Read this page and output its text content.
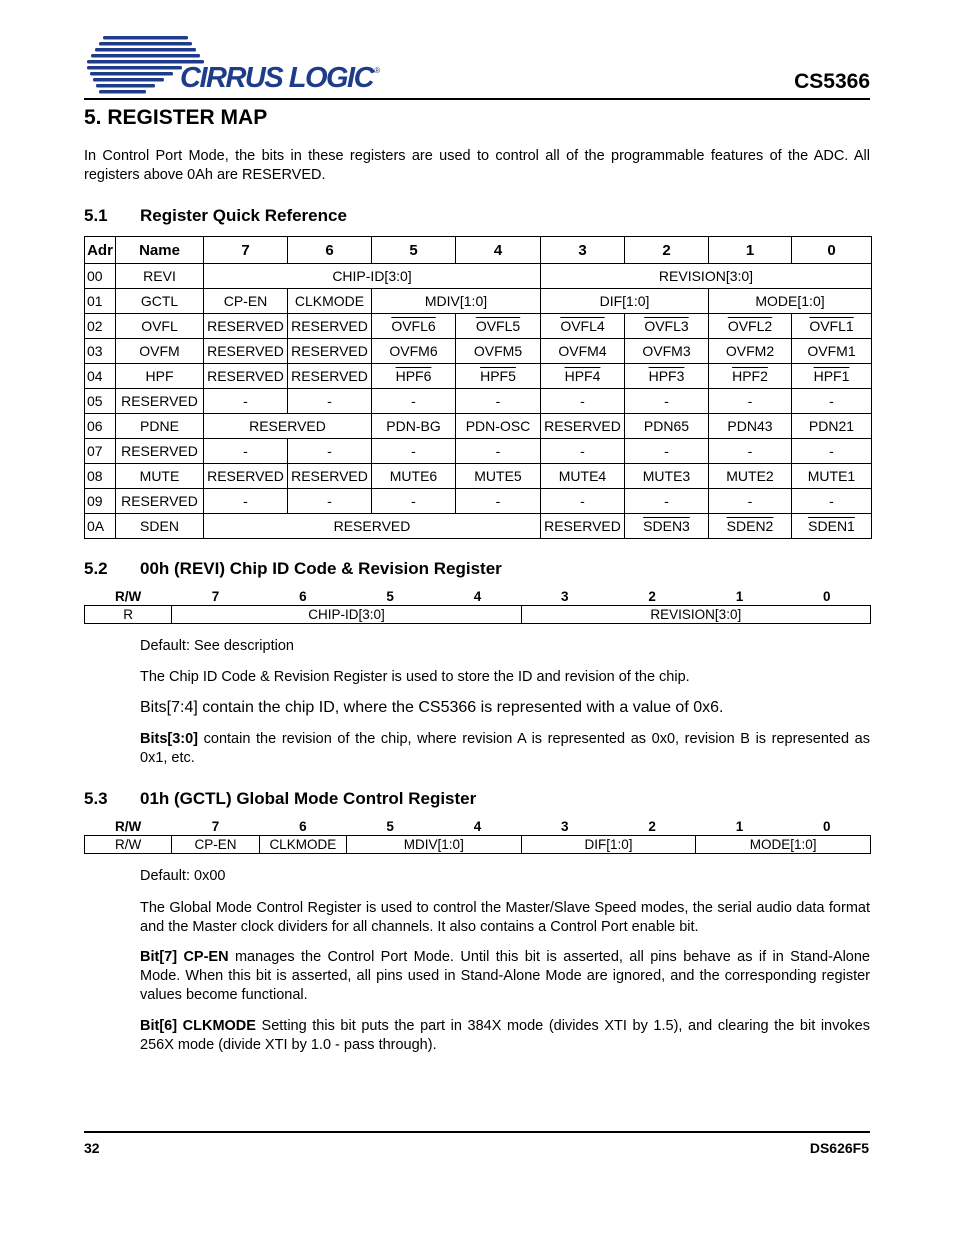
CIRRUS LOGIC®	CS5366
5. REGISTER MAP

In Control Port Mode, the bits in these registers are used to control all of the programmable features of the ADC. All registers above 0Ah are RESERVED.

5.1 Register Quick Reference
Adr	Name	7	6	5	4	3	2	1	0
00	REVI	CHIP-ID[3:0]				REVISION[3:0]			
01	GCTL	CP-EN	CLKMODE	MDIV[1:0]		DIF[1:0]		MODE[1:0]	
02	OVFL	RESERVED	RESERVED	OVFL6	OVFL5	OVFL4	OVFL3	OVFL2	OVFL1
03	OVFM	RESERVED	RESERVED	OVFM6	OVFM5	OVFM4	OVFM3	OVFM2	OVFM1
04	HPF	RESERVED	RESERVED	HPF6	HPF5	HPF4	HPF3	HPF2	HPF1
05	RESERVED	-	-	-	-	-	-	-	-
06	PDNE	RESERVED		PDN-BG	PDN-OSC	RESERVED	PDN65	PDN43	PDN21
07	RESERVED	-	-	-	-	-	-	-	-
08	MUTE	RESERVED	RESERVED	MUTE6	MUTE5	MUTE4	MUTE3	MUTE2	MUTE1
09	RESERVED	-	-	-	-	-	-	-	-
0A	SDEN	RESERVED				RESERVED	SDEN3	SDEN2	SDEN1
5.2 00h (REVI) Chip ID Code & Revision Register
R/W	7	6	5	4	3	2	1	0
R	CHIP-ID[3:0]				REVISION[3:0]			

Default: See description

The Chip ID Code & Revision Register is used to store the ID and revision of the chip.

Bits[7:4] contain the chip ID, where the CS5366 is represented with a value of 0x6.

Bits[3:0] contain the revision of the chip, where revision A is represented as 0x0, revision B is represented as 0x1, etc.

5.3 01h (GCTL) Global Mode Control Register
R/W	7	6	5	4	3	2	1	0
R/W	CP-EN	CLKMODE	MDIV[1:0]		DIF[1:0]		MODE[1:0]	

Default: 0x00

The Global Mode Control Register is used to control the Master/Slave Speed modes, the serial audio data format and the Master clock dividers for all channels. It also contains a Control Port enable bit.

Bit[7] CP-EN manages the Control Port Mode. Until this bit is asserted, all pins behave as if in Stand-Alone Mode. When this bit is asserted, all pins used in Stand-Alone Mode are ignored, and the corresponding register values become functional.

Bit[6] CLKMODE Setting this bit puts the part in 384X mode (divides XTI by 1.5), and clearing the bit invokes 256X mode (divide XTI by 1.0 - pass through).

32	DS626F5
